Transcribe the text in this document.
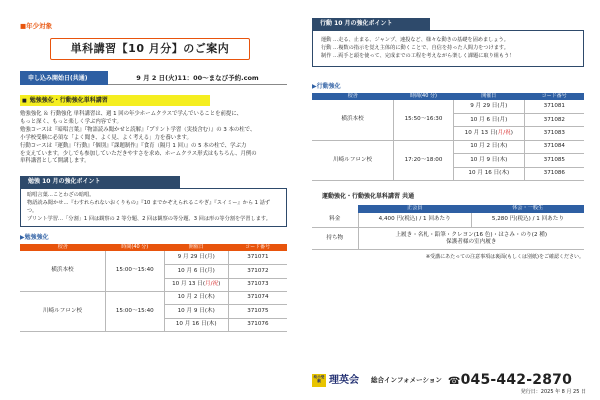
■年少対象
単科講習【10 月分】のご案内
申し込み開始日(共通)	9 月 2 日(火)11：00～まなび予約.com
■ 勉強強化・行動強化単科講習
勉強強化 ＆ 行動強化 単科講習は、週 1 回の年少ホームクラスで学んでいることを前提に、
もっと深く、もっと楽しく学ぶ内容です。
勉強コースは『暗唱言葉』『物語読み聞かせと読解』『プリント学習（実技含む）』の 3 本の柱で、
小学校受験に必須な「よく聞き、よく見、よく考える」力を養います。
行動コースは『運動』『行動』『個別』『課題制作』『食育（隔月 1 回）』の 5 本の柱で、学ぶ力
を支えています。少しでも参加していただきやすさを求め、ホームクラス形式はもちろん、月例の
単科講習として開講します。
勉強 10 月の強化ポイント
暗唱言葉…ことわざの暗唱。
物語読み聞かせ…『わすれられないおくりもの』『10 までかぞえられるこやぎ』『スイミー』から 1 話ずつ。
プリント学習…「分割」1 回は観察の 2 等分題、2 回は観察の等分題、3 回は形の等分割を学習します。
▶勉強強化
校舎	時間(40 分)	開催日	コード番号
横浜本校	15:00～15:40	9 月 29 日(月)	371071
		10 月 6 日(月)	371072
		10 月 13 日(月/祝)	371073
川崎ルフロン校	15:00～15:40	10 月 2 日(木)	371074
		10 月 9 日(木)	371075
		10 月 16 日(木)	371076
行動 10 月の強化ポイント
運動 …走る、止まる、ジャンプ、速投など、様々な動きの基礎を固めましょう。
行動 …複数の指示を覚え主体的に動くことで、自信を持った人間力をつけます。
制作 …両手と頭を使って、完成までの工程を考えながら楽しく課題に取り組もう！
▶行動強化
校舎	時間(40 分)	開催日	コード番号
横浜本校	15:50～16:30	9 月 29 日(月)	371081
		10 月 6 日(月)	371082
		10 月 13 日(月/祝)	371083
川崎ルフロン校	17:20～18:00	10 月 2 日(木)	371084
		10 月 9 日(木)	371085
		10 月 16 日(木)	371086
運動強化・行動強化単科講習 共通
	正会員	休会・一般生
料金	4,400 円(税込) / 1 回あたり	5,280 円(税込) / 1 回あたり
持ち物	上履き・名札・鉛筆・クレヨン(16 色)・はさみ・のり(2 種)
保護者様の室内履き	
※受講にあたっての注意事項は裏面(もしくは別紙)をご確認ください。
幼小受験 理英会 総合インフォメーション ☎045-442-2870
発行日：2025 年 8 月 25 日
